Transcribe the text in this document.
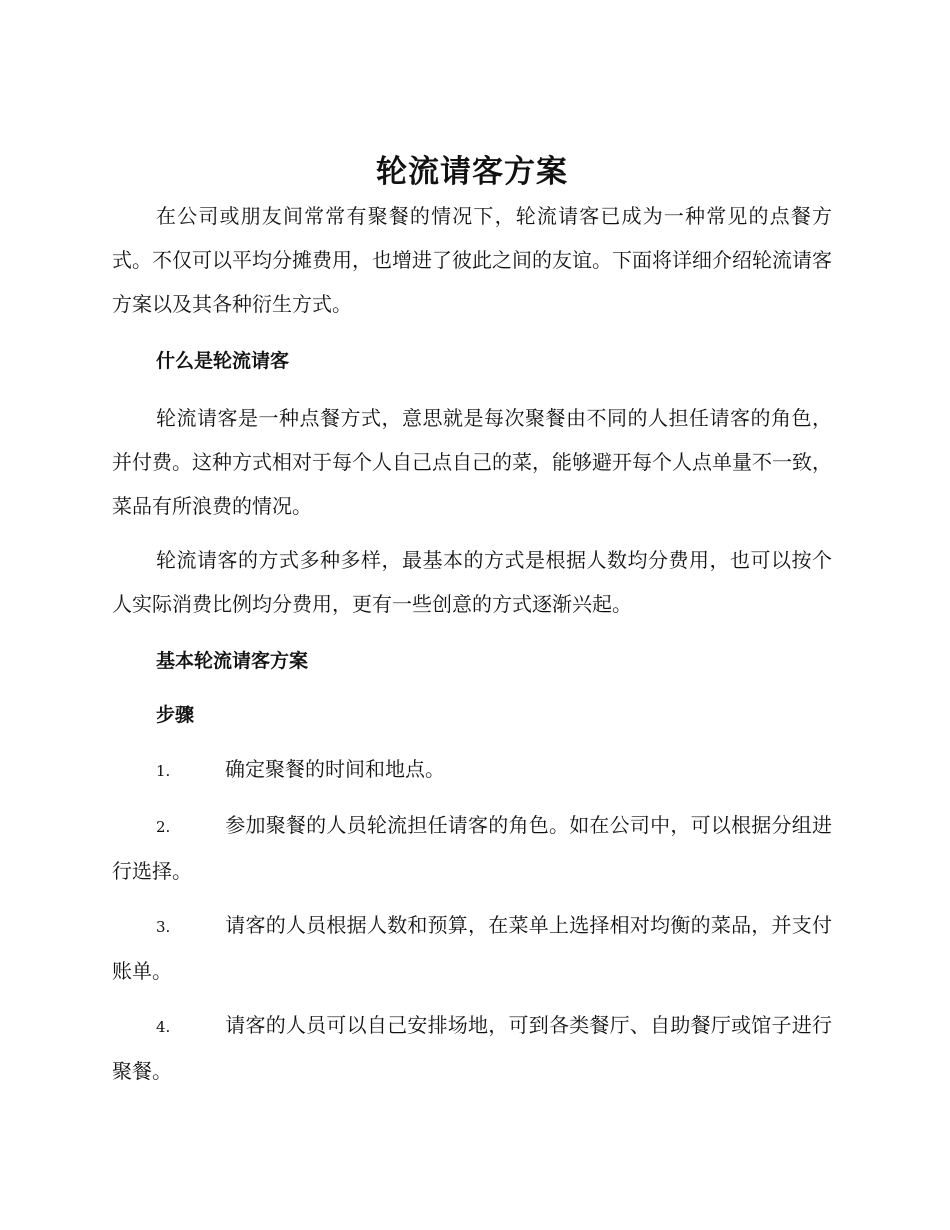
轮流请客方案

在公司或朋友间常常有聚餐的情况下，轮流请客已成为一种常见的点餐方式。不仅可以平均分摊费用，也增进了彼此之间的友谊。下面将详细介绍轮流请客方案以及其各种衍生方式。

什么是轮流请客

轮流请客是一种点餐方式，意思就是每次聚餐由不同的人担任请客的角色，并付费。这种方式相对于每个人自己点自己的菜，能够避开每个人点单量不一致，菜品有所浪费的情况。

轮流请客的方式多种多样，最基本的方式是根据人数均分费用，也可以按个人实际消费比例均分费用，更有一些创意的方式逐渐兴起。

基本轮流请客方案
步骤

1.	确定聚餐的时间和地点。

2.	参加聚餐的人员轮流担任请客的角色。如在公司中，可以根据分组进行选择。

3.	请客的人员根据人数和预算，在菜单上选择相对均衡的菜品，并支付账单。

4.	请客的人员可以自己安排场地，可到各类餐厅、自助餐厅或馆子进行聚餐。
